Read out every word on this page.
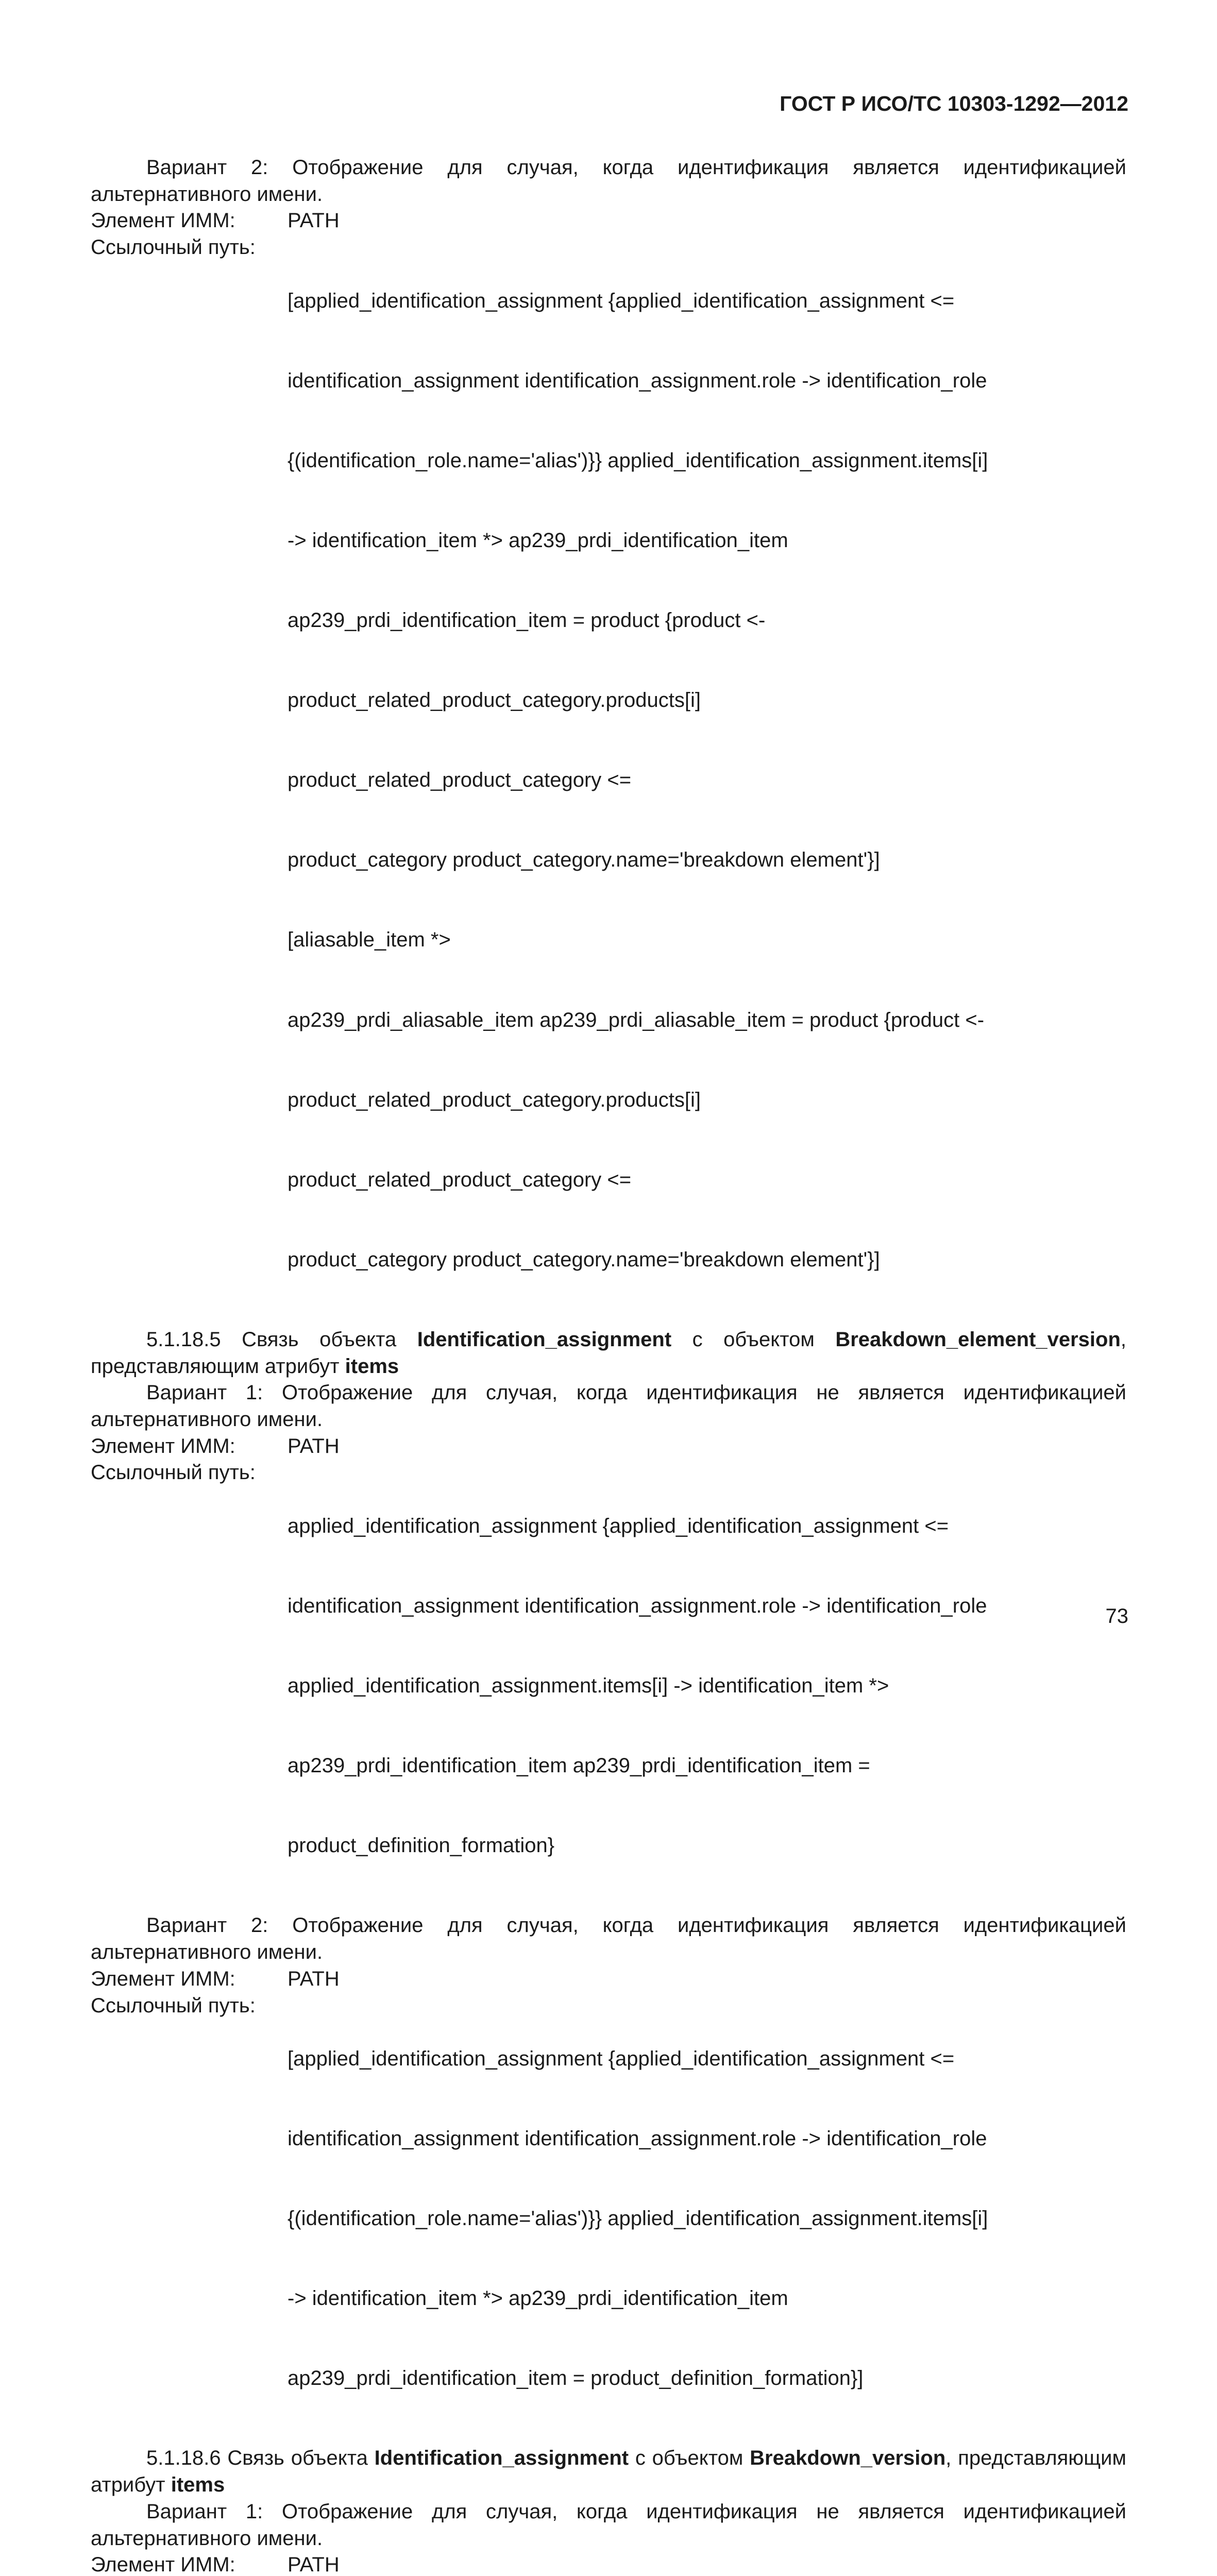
ГОСТ Р ИСО/ТС 10303-1292—2012

Вариант 2: Отображение для случая, когда идентификация является идентификацией альтернативного имени.

Элемент ИММ:	PATH
Ссылочный путь:

[applied_identification_assignment {applied_identification_assignment <=

identification_assignment identification_assignment.role -> identification_role

{(identification_role.name='alias')}} applied_identification_assignment.items[i]

-> identification_item *> ap239_prdi_identification_item

ap239_prdi_identification_item = product {product <-

product_related_product_category.products[i]

product_related_product_category <=

product_category product_category.name='breakdown element'}]

[aliasable_item *>

ap239_prdi_aliasable_item ap239_prdi_aliasable_item = product {product <-

product_related_product_category.products[i]

product_related_product_category <=

product_category product_category.name='breakdown element'}]

5.1.18.5 Связь объекта Identification_assignment с объектом Breakdown_element_version, представляющим атрибут items

Вариант 1: Отображение для случая, когда идентификация не является идентификацией альтернативного имени.

Элемент ИММ:	PATH
Ссылочный путь:

applied_identification_assignment {applied_identification_assignment <=

identification_assignment identification_assignment.role -> identification_role

applied_identification_assignment.items[i] -> identification_item *>

ap239_prdi_identification_item ap239_prdi_identification_item =

product_definition_formation}

Вариант 2: Отображение для случая, когда идентификация является идентификацией альтернативного имени.

Элемент ИММ:	PATH
Ссылочный путь:

[applied_identification_assignment {applied_identification_assignment <=

identification_assignment identification_assignment.role -> identification_role

{(identification_role.name='alias')}} applied_identification_assignment.items[i]

-> identification_item *> ap239_prdi_identification_item

ap239_prdi_identification_item = product_definition_formation}]

5.1.18.6 Связь объекта Identification_assignment с объектом Breakdown_version, представляющим атрибут items

Вариант 1: Отображение для случая, когда идентификация не является идентификацией альтернативного имени.

Элемент ИММ:	PATH

73
